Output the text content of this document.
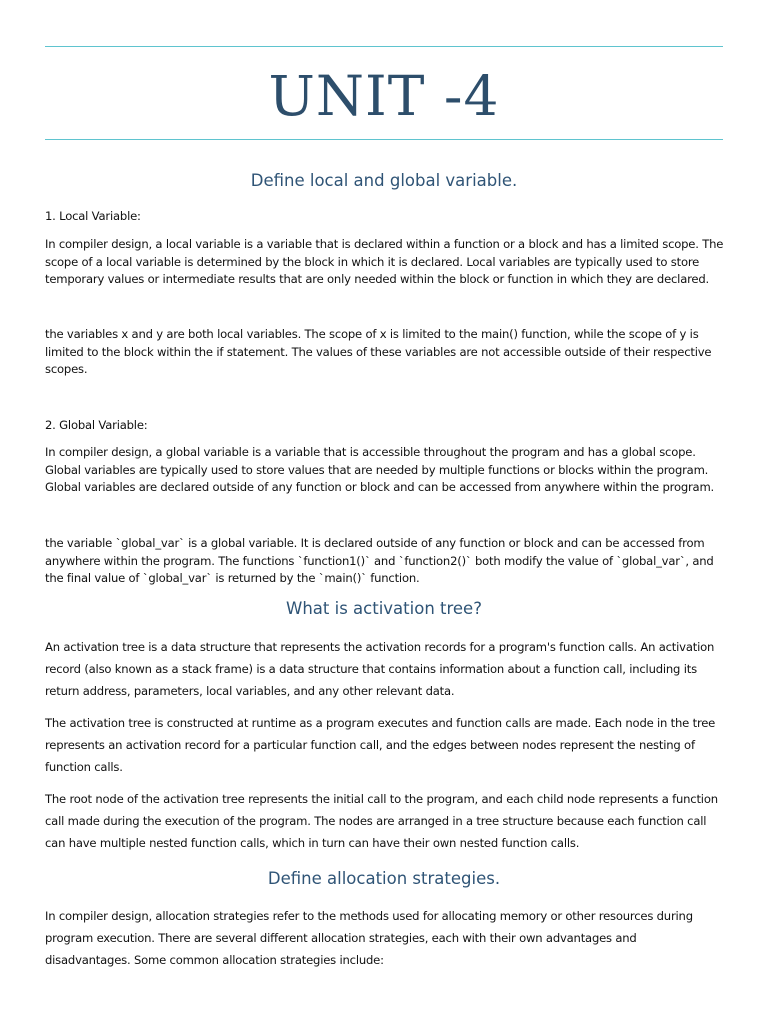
UNIT -4
Define local and global variable.

1. Local Variable:

In compiler design, a local variable is a variable that is declared within a function or a block and has a limited scope. The scope of a local variable is determined by the block in which it is declared. Local variables are typically used to store temporary values or intermediate results that are only needed within the block or function in which they are declared.

the variables x and y are both local variables. The scope of x is limited to the main() function, while the scope of y is limited to the block within the if statement. The values of these variables are not accessible outside of their respective scopes.

2. Global Variable:

In compiler design, a global variable is a variable that is accessible throughout the program and has a global scope. Global variables are typically used to store values that are needed by multiple functions or blocks within the program. Global variables are declared outside of any function or block and can be accessed from anywhere within the program.

the variable `global_var` is a global variable. It is declared outside of any function or block and can be accessed from anywhere within the program. The functions `function1()` and `function2()` both modify the value of `global_var`, and the final value of `global_var` is returned by the `main()` function.

What is activation tree?

An activation tree is a data structure that represents the activation records for a program's function calls. An activation record (also known as a stack frame) is a data structure that contains information about a function call, including its return address, parameters, local variables, and any other relevant data.

The activation tree is constructed at runtime as a program executes and function calls are made. Each node in the tree represents an activation record for a particular function call, and the edges between nodes represent the nesting of function calls.

The root node of the activation tree represents the initial call to the program, and each child node represents a function call made during the execution of the program. The nodes are arranged in a tree structure because each function call can have multiple nested function calls, which in turn can have their own nested function calls.

Define allocation strategies.

In compiler design, allocation strategies refer to the methods used for allocating memory or other resources during program execution. There are several different allocation strategies, each with their own advantages and disadvantages. Some common allocation strategies include:
